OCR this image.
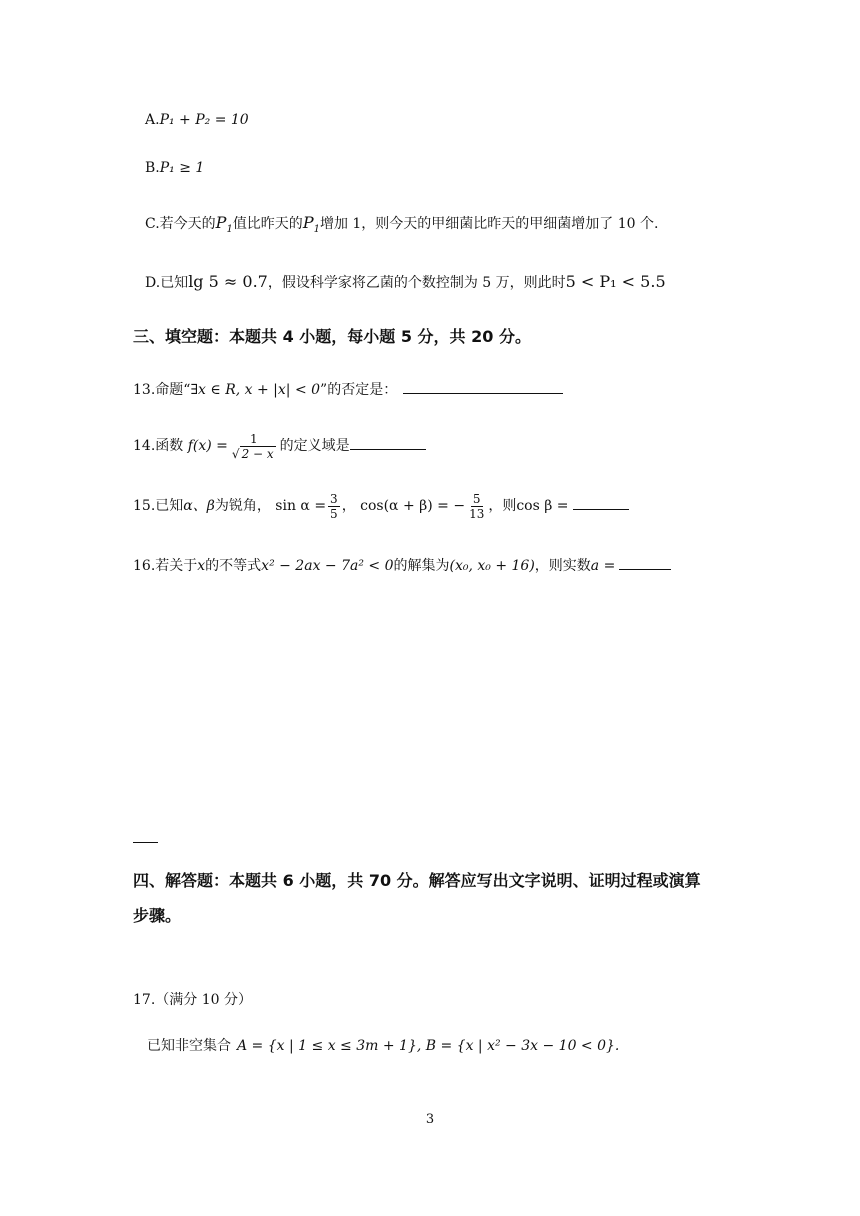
A.P₁ + P₂ = 10
B.P₁ ≥ 1
C.若今天的$P_1$值比昨天的$P_1$增加 1，则今天的甲细菌比昨天的甲细菌增加了 10 个.
D.已知lg 5 ≈ 0.7，假设科学家将乙菌的个数控制为 5 万，则此时5 < P₁ < 5.5
三、填空题：本题共 4 小题，每小题 5 分，共 20 分。
13.命题“∃x ∈ R, x + |x| < 0”的否定是：
14.函数 $f(x) = \frac{1}{√ 2 - x}$ 的定义域是
15.已知α、β为锐角， $\sin \alpha = \frac{3}{5}$ ， cos(α + β) = − $\frac{5}{13}$ ，则cos β =
16.若关于x的不等式x² − 2ax − 7a² < 0的解集为(x₀, x₀ + 16)，则实数a =
四、解答题：本题共 6 小题，共 70 分。解答应写出文字说明、证明过程或演算
步骤。
17.（满分 10 分）
已知非空集合 A = {x | 1 ≤ x ≤ 3m + 1}, B = {x | x² − 3x − 10 < 0}.
3
